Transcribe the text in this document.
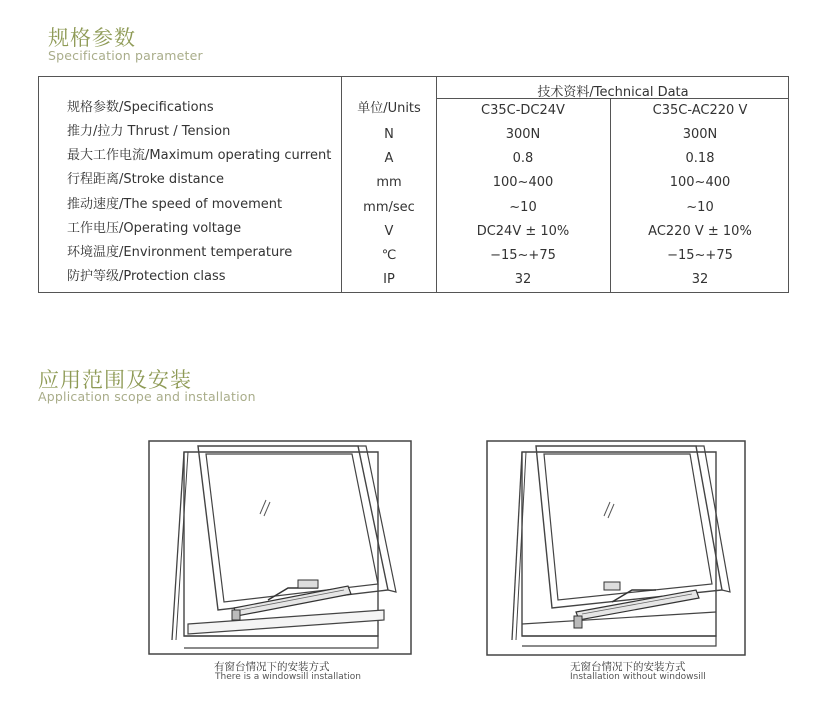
规格参数
Specification parameter
规格参数/Specifications	单位/Units
技术资料/Technical Data
C35C-DC24V	C35C-AC220 V
推力/拉力 Thrust / Tension	N	300N	300N
最大工作电流/Maximum operating current	A	0.8	0.18
行程距离/Stroke distance	mm	100~400	100~400
推动速度/The speed of movement	mm/sec	~10	~10
工作电压/Operating voltage	V	DC24V ± 10%	AC220 V ± 10%
环境温度/Environment temperature	℃	−15~+75	−15~+75
防护等级/Protection class	IP	32	32
应用范围及安装
Application scope and installation
有窗台情况下的安装方式
There is a windowsill installation
无窗台情况下的安装方式
Installation without windowsill
